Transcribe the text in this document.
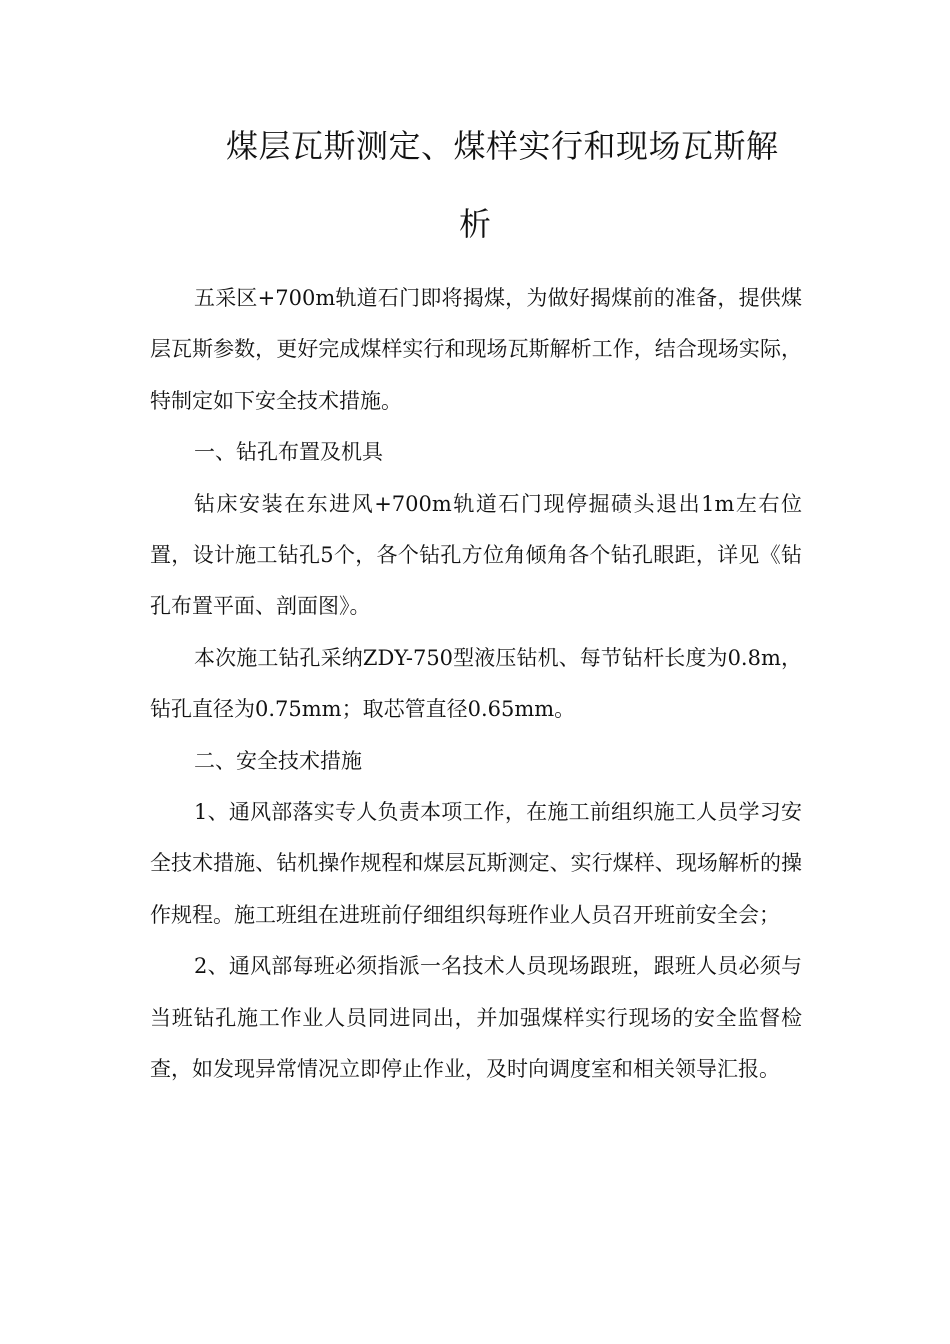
煤层瓦斯测定、煤样实行和现场瓦斯解
析

五采区+700m轨道石门即将揭煤，为做好揭煤前的准备，提供煤层瓦斯参数，更好完成煤样实行和现场瓦斯解析工作，结合现场实际，特制定如下安全技术措施。

一、钻孔布置及机具

钻床安装在东进风+700m轨道石门现停掘碛头退出1m左右位置，设计施工钻孔5个，各个钻孔方位角倾角各个钻孔眼距，详见《钻孔布置平面、剖面图》。

本次施工钻孔采纳ZDY-750型液压钻机、每节钻杆长度为0.8m，钻孔直径为0.75mm；取芯管直径0.65mm。

二、安全技术措施

1、通风部落实专人负责本项工作，在施工前组织施工人员学习安全技术措施、钻机操作规程和煤层瓦斯测定、实行煤样、现场解析的操作规程。施工班组在进班前仔细组织每班作业人员召开班前安全会；

2、通风部每班必须指派一名技术人员现场跟班，跟班人员必须与当班钻孔施工作业人员同进同出，并加强煤样实行现场的安全监督检查，如发现异常情况立即停止作业，及时向调度室和相关领导汇报。
